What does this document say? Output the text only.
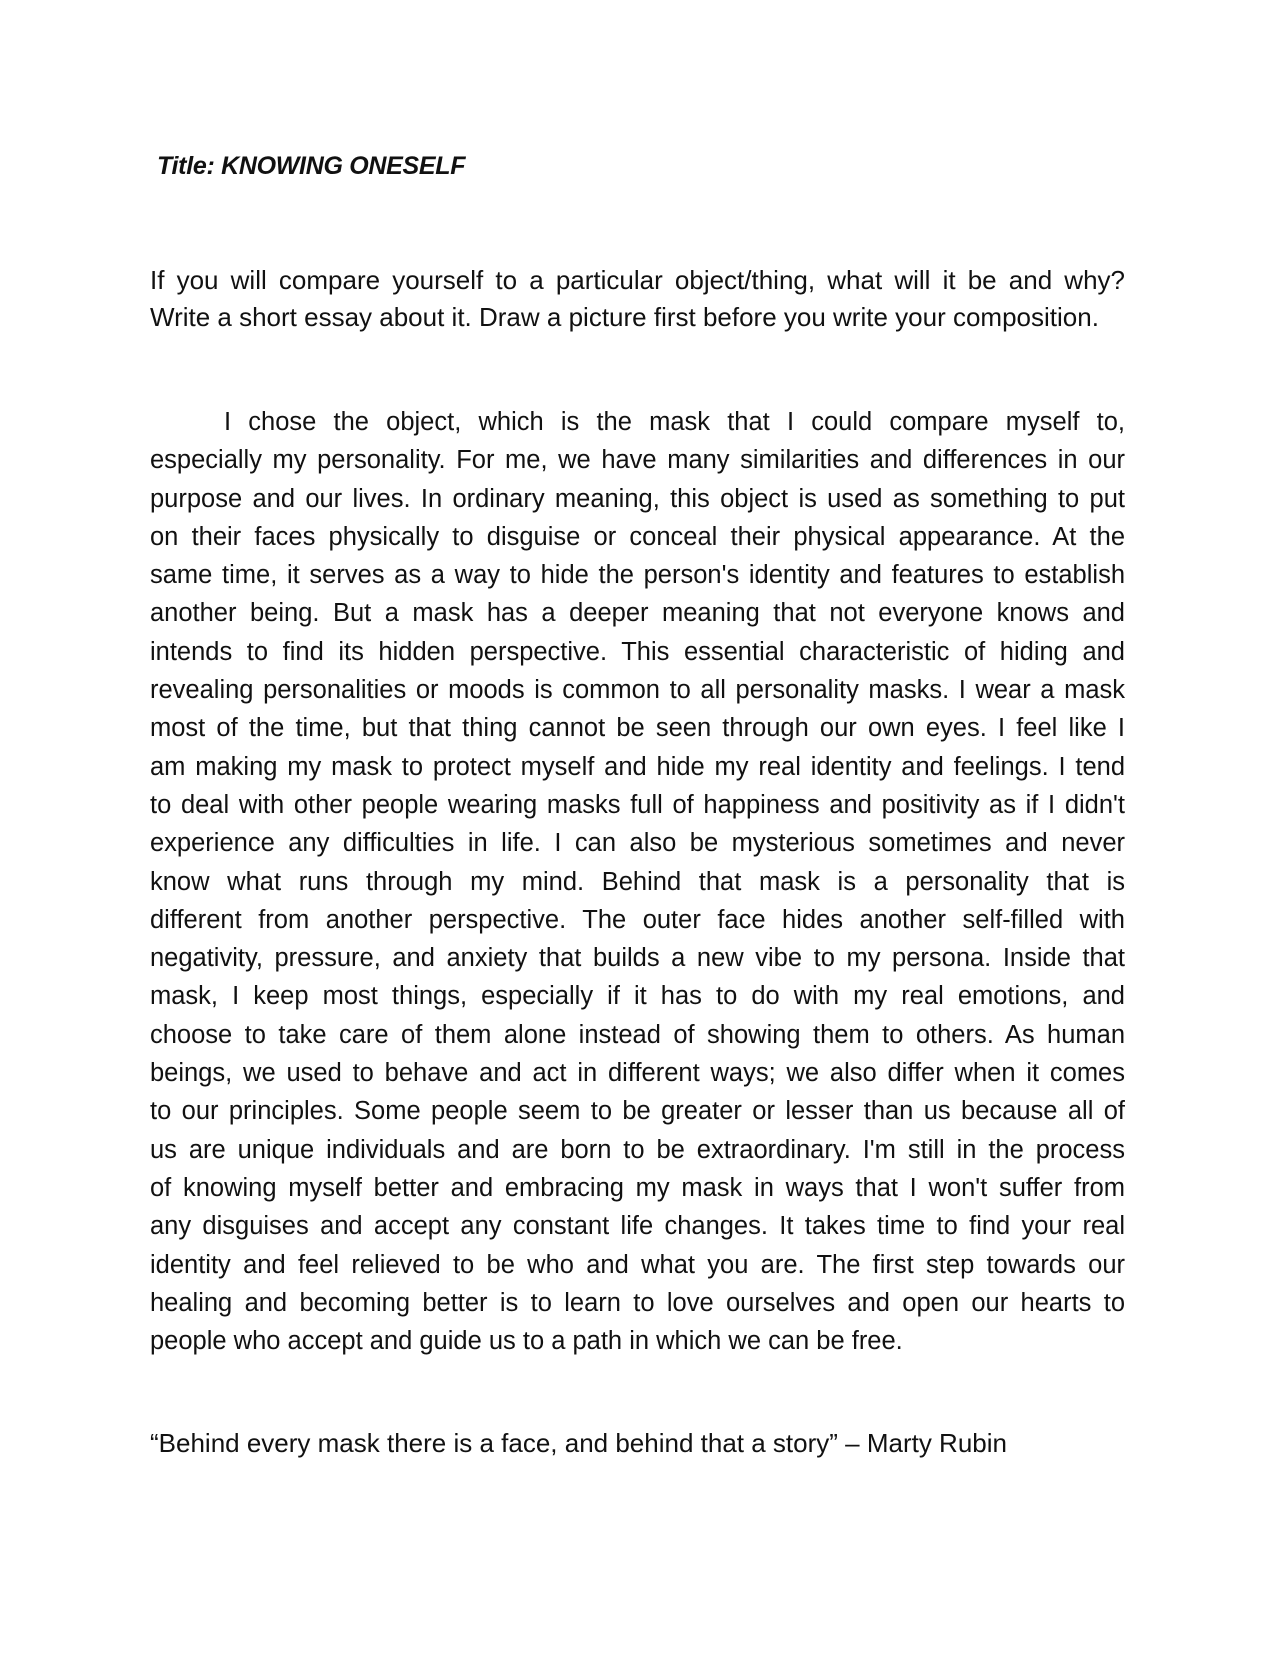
Title: KNOWING ONESELF
If you will compare yourself to a particular object/thing, what will it be and why?
Write a short essay about it. Draw a picture first before you write your composition.
I chose the object, which is the mask that I could compare myself to,
especially my personality. For me, we have many similarities and differences in our
purpose and our lives. In ordinary meaning, this object is used as something to put
on their faces physically to disguise or conceal their physical appearance. At the
same time, it serves as a way to hide the person's identity and features to establish
another being. But a mask has a deeper meaning that not everyone knows and
intends to find its hidden perspective. This essential characteristic of hiding and
revealing personalities or moods is common to all personality masks. I wear a mask
most of the time, but that thing cannot be seen through our own eyes. I feel like I
am making my mask to protect myself and hide my real identity and feelings. I tend
to deal with other people wearing masks full of happiness and positivity as if I didn't
experience any difficulties in life. I can also be mysterious sometimes and never
know what runs through my mind. Behind that mask is a personality that is
different from another perspective. The outer face hides another self-filled with
negativity, pressure, and anxiety that builds a new vibe to my persona. Inside that
mask, I keep most things, especially if it has to do with my real emotions, and
choose to take care of them alone instead of showing them to others. As human
beings, we used to behave and act in different ways; we also differ when it comes
to our principles. Some people seem to be greater or lesser than us because all of
us are unique individuals and are born to be extraordinary. I'm still in the process
of knowing myself better and embracing my mask in ways that I won't suffer from
any disguises and accept any constant life changes. It takes time to find your real
identity and feel relieved to be who and what you are. The first step towards our
healing and becoming better is to learn to love ourselves and open our hearts to
people who accept and guide us to a path in which we can be free.
“Behind every mask there is a face, and behind that a story” – Marty Rubin
